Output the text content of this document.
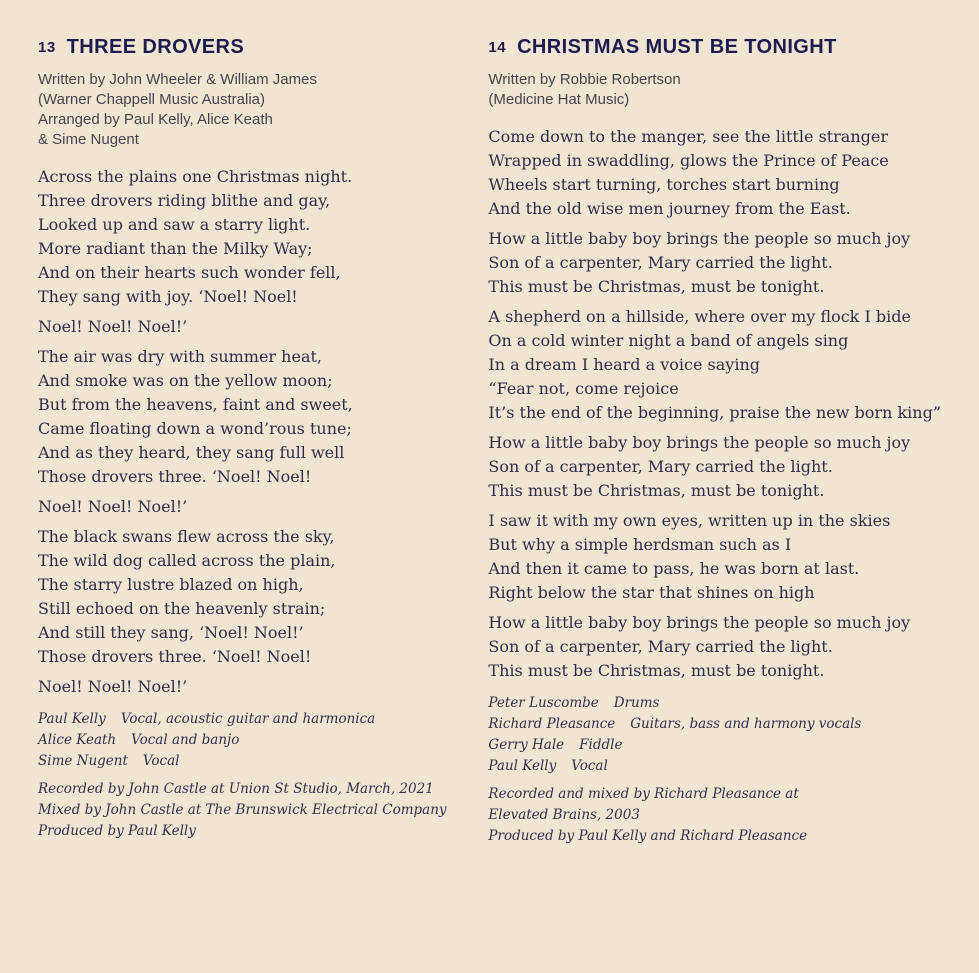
13 THREE DROVERS
Written by John Wheeler & William James
(Warner Chappell Music Australia)
Arranged by Paul Kelly, Alice Keath
& Sime Nugent
Across the plains one Christmas night.
Three drovers riding blithe and gay,
Looked up and saw a starry light.
More radiant than the Milky Way;
And on their hearts such wonder fell,
They sang with joy. ‘Noel! Noel!
Noel! Noel! Noel!’
The air was dry with summer heat,
And smoke was on the yellow moon;
But from the heavens, faint and sweet,
Came floating down a wond’rous tune;
And as they heard, they sang full well
Those drovers three. ‘Noel! Noel!
Noel! Noel! Noel!’
The black swans flew across the sky,
The wild dog called across the plain,
The starry lustre blazed on high,
Still echoed on the heavenly strain;
And still they sang, ‘Noel! Noel!’
Those drovers three. ‘Noel! Noel!
Noel! Noel! Noel!’
Paul Kelly Vocal, acoustic guitar and harmonica
Alice Keath Vocal and banjo
Sime Nugent Vocal
Recorded by John Castle at Union St Studio, March, 2021
Mixed by John Castle at The Brunswick Electrical Company
Produced by Paul Kelly
14 CHRISTMAS MUST BE TONIGHT
Written by Robbie Robertson
(Medicine Hat Music)
Come down to the manger, see the little stranger
Wrapped in swaddling, glows the Prince of Peace
Wheels start turning, torches start burning
And the old wise men journey from the East.
How a little baby boy brings the people so much joy
Son of a carpenter, Mary carried the light.
This must be Christmas, must be tonight.
A shepherd on a hillside, where over my flock I bide
On a cold winter night a band of angels sing
In a dream I heard a voice saying
“Fear not, come rejoice
It’s the end of the beginning, praise the new born king”
How a little baby boy brings the people so much joy
Son of a carpenter, Mary carried the light.
This must be Christmas, must be tonight.
I saw it with my own eyes, written up in the skies
But why a simple herdsman such as I
And then it came to pass, he was born at last.
Right below the star that shines on high
How a little baby boy brings the people so much joy
Son of a carpenter, Mary carried the light.
This must be Christmas, must be tonight.
Peter Luscombe Drums
Richard Pleasance Guitars, bass and harmony vocals
Gerry Hale Fiddle
Paul Kelly Vocal
Recorded and mixed by Richard Pleasance at
Elevated Brains, 2003
Produced by Paul Kelly and Richard Pleasance
